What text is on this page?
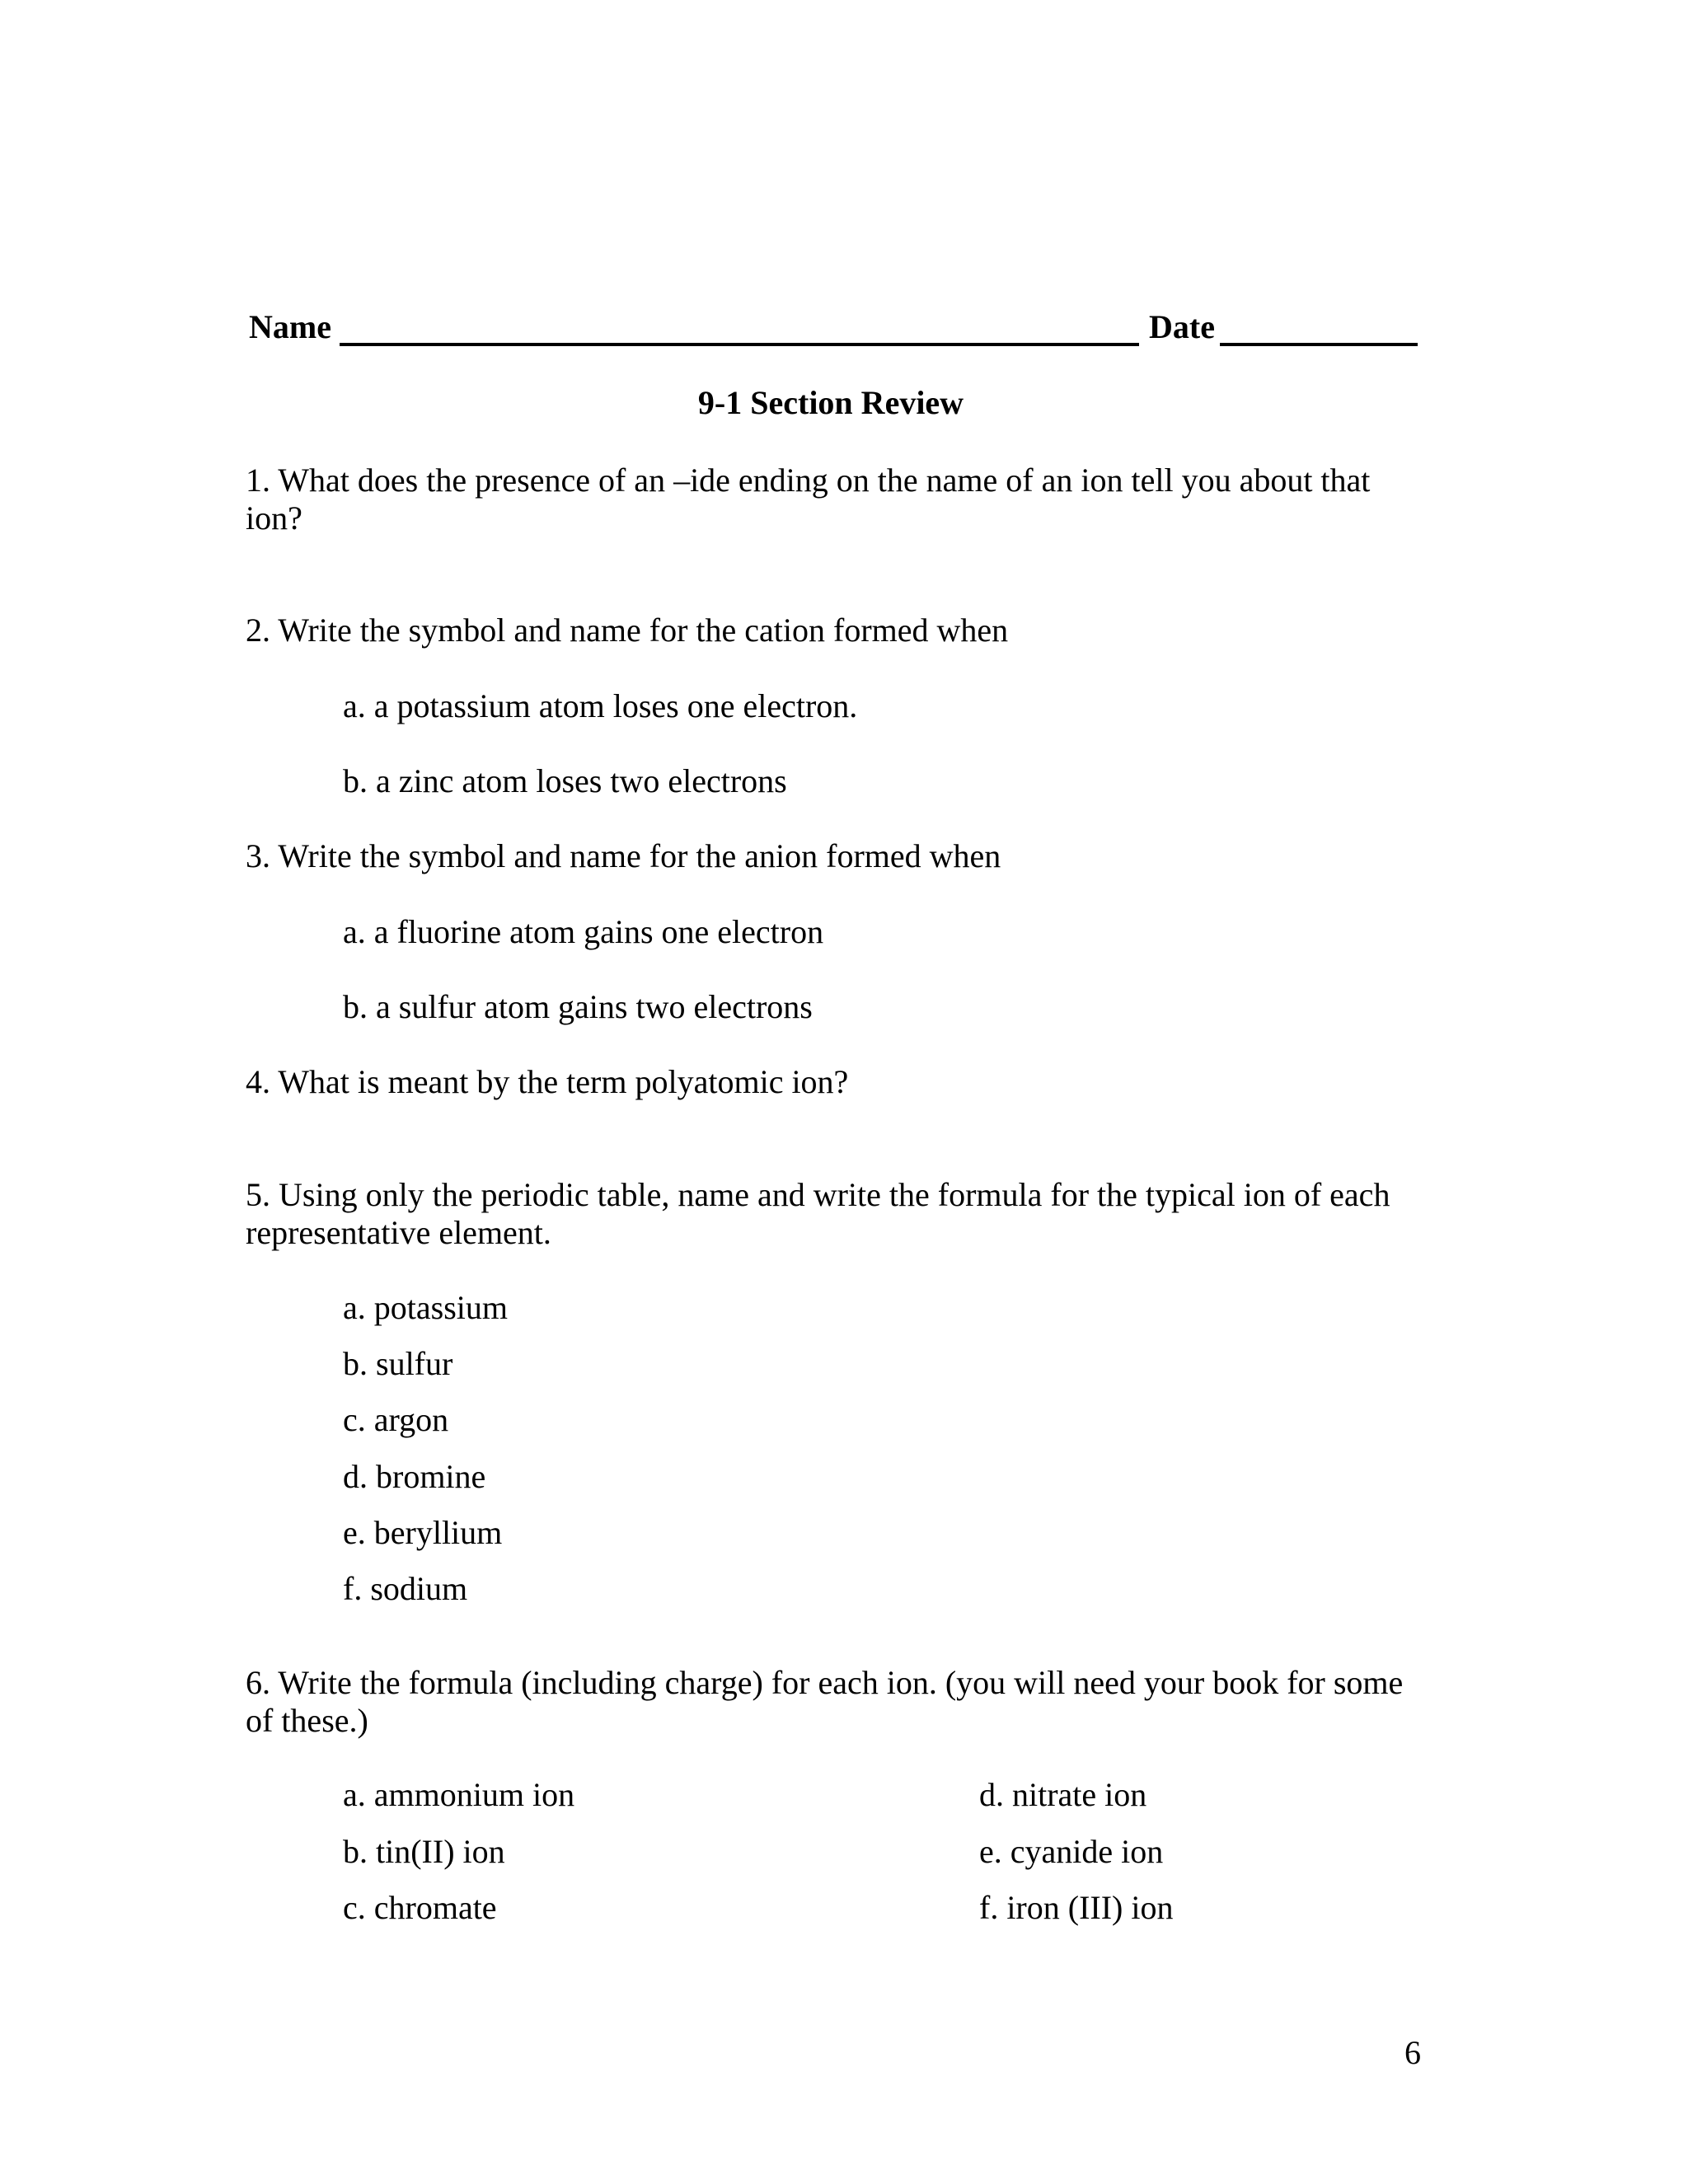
Name	Date
9-1 Section Review
1. What does the presence of an –ide ending on the name of an ion tell you about that ion?
2. Write the symbol and name for the cation formed when
a. a potassium atom loses one electron.
b. a zinc atom loses two electrons
3. Write the symbol and name for the anion formed when
a. a fluorine atom gains one electron
b. a sulfur atom gains two electrons
4. What is meant by the term polyatomic ion?
5. Using only the periodic table, name and write the formula for the typical ion of each representative element.
a. potassium
b. sulfur
c. argon
d. bromine
e. beryllium
f. sodium
6. Write the formula (including charge) for each ion. (you will need your book for some of these.)
a. ammonium ion
b. tin(II) ion
c. chromate
d. nitrate ion
e. cyanide ion
f. iron (III) ion
6
